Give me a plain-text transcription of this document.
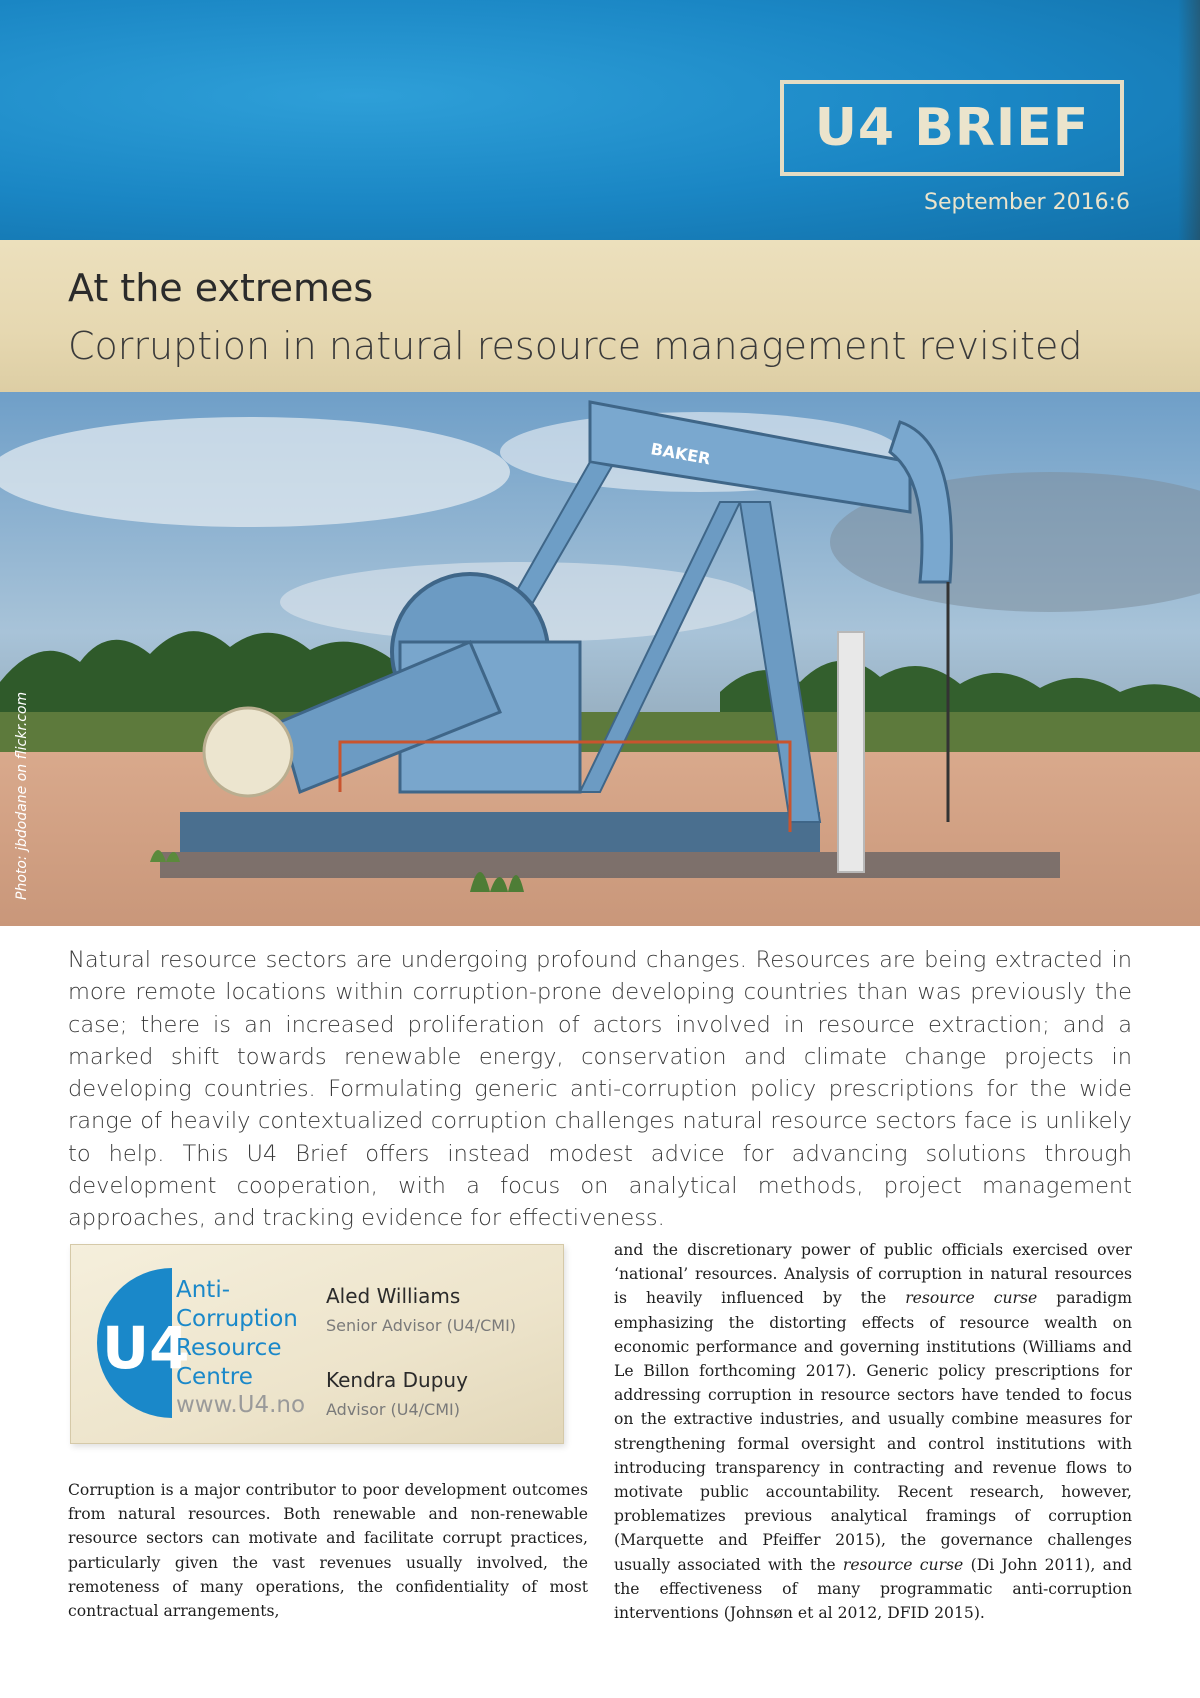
U4 BRIEF
September 2016:6
At the extremes
Corruption in natural resource management revisited
BAKER
Photo: jbdodane on flickr.com

Natural resource sectors are undergoing profound changes. Resources are being extracted in more remote locations within corruption-prone developing countries than was previously the case; there is an increased proliferation of actors involved in resource extraction; and a marked shift towards renewable energy, conservation and climate change projects in developing countries. Formulating generic anti-corruption policy prescriptions for the wide range of heavily contextualized corruption challenges natural resource sectors face is unlikely to help. This U4 Brief offers instead modest advice for advancing solutions through development cooperation, with a focus on analytical methods, project management approaches, and tracking evidence for effectiveness.

U4
Anti-
Corruption
Resource
Centre
www.U4.no
Aled Williams
Senior Advisor (U4/CMI)
Kendra Dupuy
Advisor (U4/CMI)

Corruption is a major contributor to poor development outcomes from natural resources. Both renewable and non-renewable resource sectors can motivate and facilitate corrupt practices, particularly given the vast revenues usually involved, the remoteness of many operations, the confidentiality of most contractual arrangements,

and the discretionary power of public officials exercised over ‘national’ resources. Analysis of corruption in natural resources is heavily influenced by the resource curse paradigm emphasizing the distorting effects of resource wealth on economic performance and governing institutions (Williams and Le Billon forthcoming 2017). Generic policy prescriptions for addressing corruption in resource sectors have tended to focus on the extractive industries, and usually combine measures for strengthening formal oversight and control institutions with introducing transparency in contracting and revenue flows to motivate public accountability. Recent research, however, problematizes previous analytical framings of corruption (Marquette and Pfeiffer 2015), the governance challenges usually associated with the resource curse (Di John 2011), and the effectiveness of many programmatic anti-corruption interventions (Johnsøn et al 2012, DFID 2015).
